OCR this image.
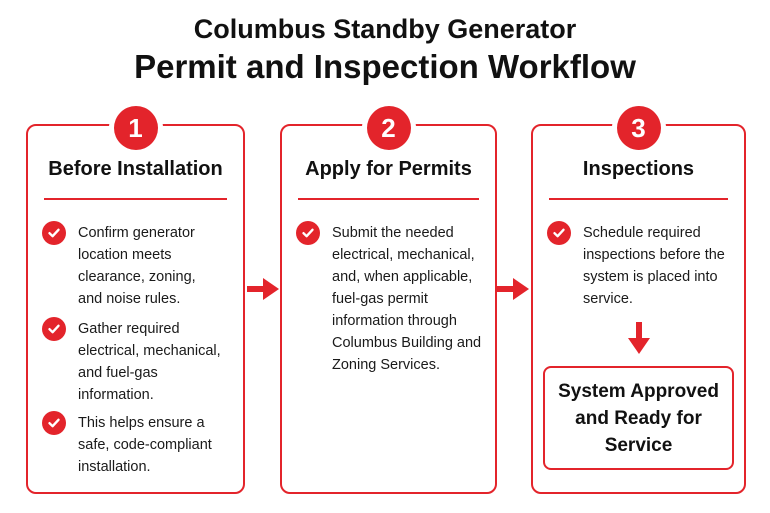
Columbus Standby Generator
Permit and Inspection Workflow
1
Before Installation
Confirm generator location meets clearance, zoning, and noise rules.
Gather required electrical, mechanical, and fuel-gas information.
This helps ensure a safe, code-compliant installation.
2
Apply for Permits
Submit the needed electrical, mechanical, and, when applicable, fuel-gas permit information through Columbus Building and Zoning Services.
3
Inspections
Schedule required inspections before the system is placed into service.
System Approved and Ready for Service
